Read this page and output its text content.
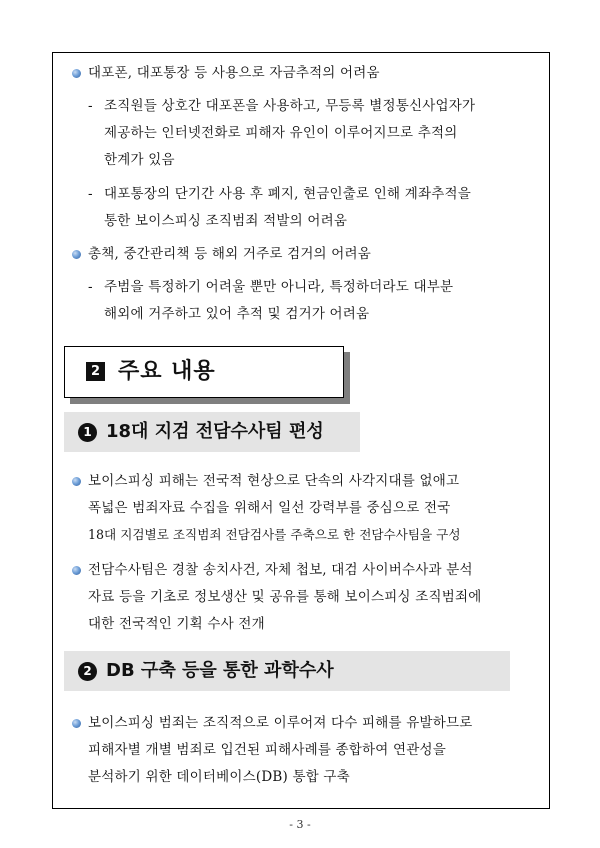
대포폰, 대포통장 등 사용으로 자금추적의 어려움
- 조직원들 상호간 대포폰을 사용하고, 무등록 별정통신사업자가
제공하는 인터넷전화로 피해자 유인이 이루어지므로 추적의
한계가 있음
- 대포통장의 단기간 사용 후 폐지, 현금인출로 인해 계좌추적을
통한 보이스피싱 조직범죄 적발의 어려움
총책, 중간관리책 등 해외 거주로 검거의 어려움
- 주범을 특정하기 어려울 뿐만 아니라, 특정하더라도 대부분
해외에 거주하고 있어 추적 및 검거가 어려움
2 주요 내용
1 18대 지검 전담수사팀 편성
보이스피싱 피해는 전국적 현상으로 단속의 사각지대를 없애고
폭넓은 범죄자료 수집을 위해서 일선 강력부를 중심으로 전국
18대 지검별로 조직범죄 전담검사를 주축으로 한 전담수사팀을 구성
전담수사팀은 경찰 송치사건, 자체 첩보, 대검 사이버수사과 분석
자료 등을 기초로 정보생산 및 공유를 통해 보이스피싱 조직범죄에
대한 전국적인 기획 수사 전개
2 DB 구축 등을 통한 과학수사
보이스피싱 범죄는 조직적으로 이루어져 다수 피해를 유발하므로
피해자별 개별 범죄로 입건된 피해사례를 종합하여 연관성을
분석하기 위한 데이터베이스(DB) 통합 구축
- 3 -
